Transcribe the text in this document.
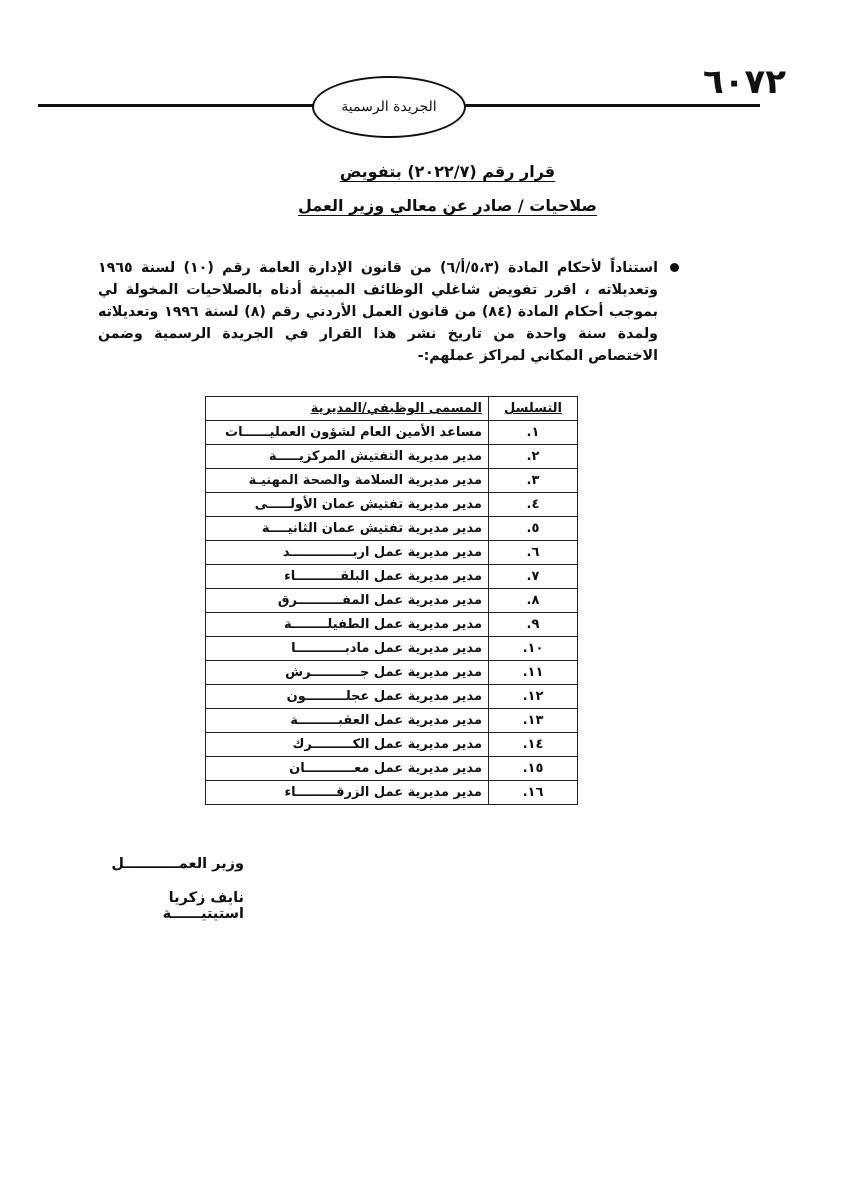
٦٠٧٢
الجريدة الرسمية
قرار رقم (٢٠٢٢/٧) بتفويض
صلاحيات / صادر عن معالي وزير العمل
استناداً لأحكام المادة (٥،٣/أ/٦) من قانون الإدارة العامة رقم (١٠) لسنة ١٩٦٥ وتعديلاته ، اقرر تفويض شاغلي الوظائف المبينة أدناه بالصلاحيات المخولة لي بموجب أحكام المادة (٨٤) من قانون العمل الأردني رقم (٨) لسنة ١٩٩٦ وتعديلاته ولمدة سنة واحدة من تاريخ نشر هذا القرار في الجريدة الرسمية وضمن الاختصاص المكاني لمراكز عملهم:-
التسلسل	المسمى الوظيفي/المديرية
١.	مساعد الأمين العام لشؤون العمليــــــات
٢.	مدير مديرية التفتيش المركزيـــــة
٣.	مدير مديرية السلامة والصحة المهنيـة
٤.	مدير مديرية تفتيش عمان الأولـــــى
٥.	مدير مديرية تفتيش عمان الثانيــــة
٦.	مدير مديرية عمل اربــــــــــــــد
٧.	مدير مديرية عمل البلقــــــــــاء
٨.	مدير مديرية عمل المفــــــــــرق
٩.	مدير مديرية عمل الطفيلــــــــة
١٠.	مدير مديرية عمل مادبـــــــــــا
١١.	مدير مديرية عمل جـــــــــــرش
١٢.	مدير مديرية عمل عجلـــــــــون
١٣.	مدير مديرية عمل العقبـــــــــة
١٤.	مدير مديرية عمل الكـــــــــرك
١٥.	مدير مديرية عمل معـــــــــــان
١٦.	مدير مديرية عمل الزرقـــــــــاء
وزير العمـــــــــــل
نايف زكريا استيتيــــــة
